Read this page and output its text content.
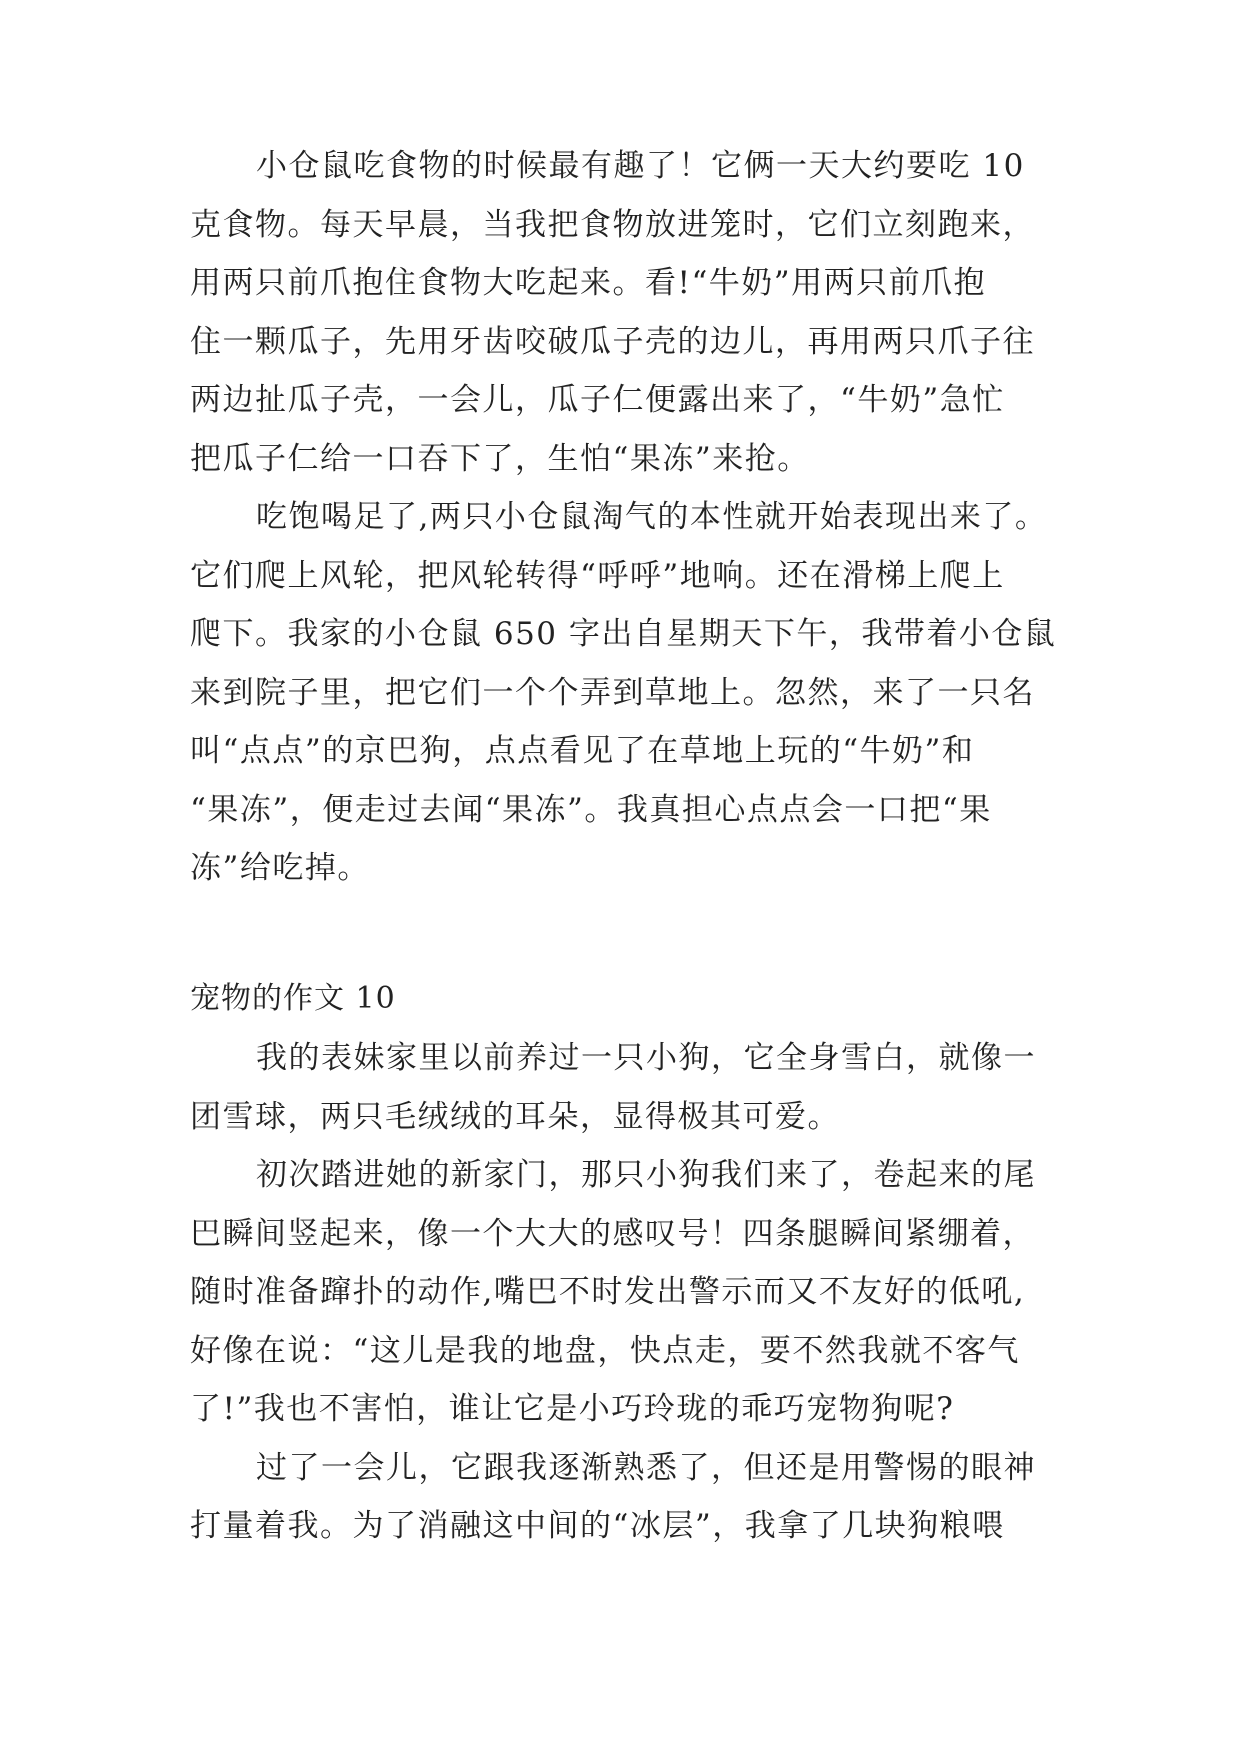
小仓鼠吃食物的时候最有趣了！它俩一天大约要吃 10
克食物。每天早晨，当我把食物放进笼时，它们立刻跑来，
用两只前爪抱住食物大吃起来。看!“牛奶”用两只前爪抱
住一颗瓜子，先用牙齿咬破瓜子壳的边儿，再用两只爪子往
两边扯瓜子壳，一会儿，瓜子仁便露出来了，“牛奶”急忙
把瓜子仁给一口吞下了，生怕“果冻”来抢。

吃饱喝足了,两只小仓鼠淘气的本性就开始表现出来了。
它们爬上风轮，把风轮转得“呼呼”地响。还在滑梯上爬上
爬下。我家的小仓鼠 650 字出自星期天下午，我带着小仓鼠
来到院子里，把它们一个个弄到草地上。忽然，来了一只名
叫“点点”的京巴狗，点点看见了在草地上玩的“牛奶”和
“果冻”，便走过去闻“果冻”。我真担心点点会一口把“果
冻”给吃掉。

宠物的作文 10

我的表妹家里以前养过一只小狗，它全身雪白，就像一
团雪球，两只毛绒绒的耳朵，显得极其可爱。

初次踏进她的新家门，那只小狗我们来了，卷起来的尾
巴瞬间竖起来，像一个大大的感叹号！四条腿瞬间紧绷着，
随时准备蹿扑的动作,嘴巴不时发出警示而又不友好的低吼,
好像在说：“这儿是我的地盘，快点走，要不然我就不客气
了!”我也不害怕，谁让它是小巧玲珑的乖巧宠物狗呢?

过了一会儿，它跟我逐渐熟悉了，但还是用警惕的眼神
打量着我。为了消融这中间的“冰层”，我拿了几块狗粮喂
